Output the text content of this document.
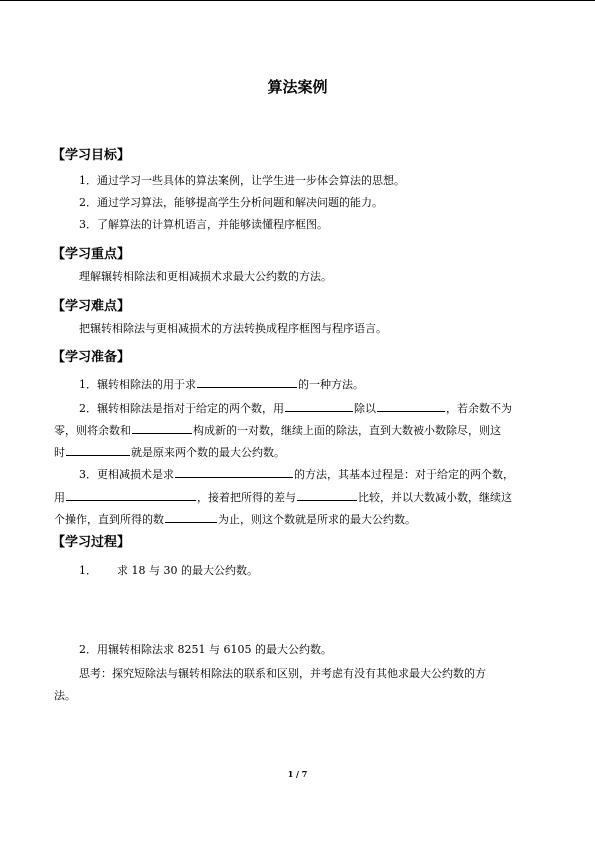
算法案例
【学习目标】
1．通过学习一些具体的算法案例，让学生进一步体会算法的思想。
2．通过学习算法，能够提高学生分析问题和解决问题的能力。
3．了解算法的计算机语言，并能够读懂程序框图。
【学习重点】
理解辗转相除法和更相减损术求最大公约数的方法。
【学习难点】
把辗转相除法与更相减损术的方法转换成程序框图与程序语言。
【学习准备】
1．辗转相除法的用于求	的一种方法。
2．辗转相除法是指对于给定的两个数，用	除以	，若余数不为
零，则将余数和	构成新的一对数，继续上面的除法，直到大数被小数除尽，则这
时	就是原来两个数的最大公约数。
3．更相减损术是求	的方法，其基本过程是：对于给定的两个数，
用	，接着把所得的差与	比较，并以大数减小数，继续这
个操作，直到所得的数	为止，则这个数就是所求的最大公约数。
【学习过程】
1． 求 18 与 30 的最大公约数。
2．用辗转相除法求 8251 与 6105 的最大公约数。
思考：探究短除法与辗转相除法的联系和区别，并考虑有没有其他求最大公约数的方
法。
1 / 7
